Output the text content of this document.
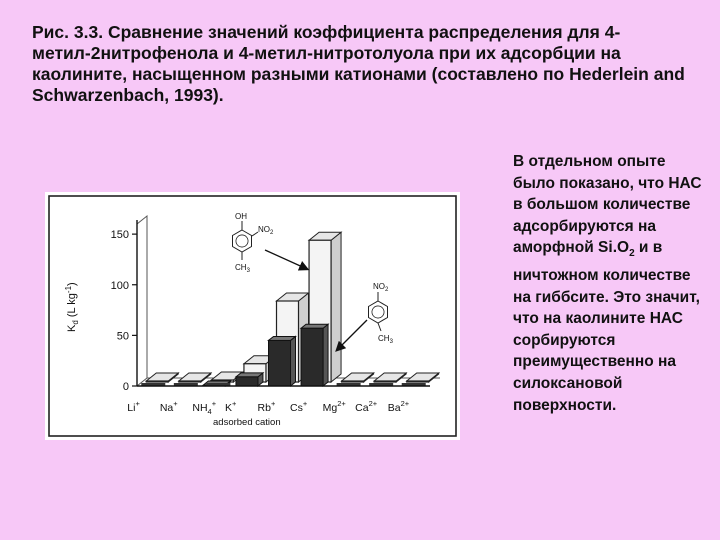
Рис. 3.3. Сравнение значений коэффициента распределения для 4-метил-2нитрофенола и 4-метил-нитротолуола при их адсорбции на каолините, насыщенном разными катионами (составлено по Hederlein and Schwarzenbach, 1993).
В отдельном опыте было показано, что НАС в большом количестве адсорбируются на аморфной $Si.O_2$ и в ничтожном количестве на гиббсите. Это значит, что на каолините НАС сорбируются преимущественно на силоксановой поверхности.
0
50
100
150
Li+ Na+ $NH_4^+$ K+ Rb+ Cs+ $Mg^{2+}$ $Ca^{2+}$ $Ba^{2+}$
adsorbed cation
$K_d$ (L $kg^{-1}$)
OH
$NO_2$
$CH_3$
$NO_2$
$CH_3$
